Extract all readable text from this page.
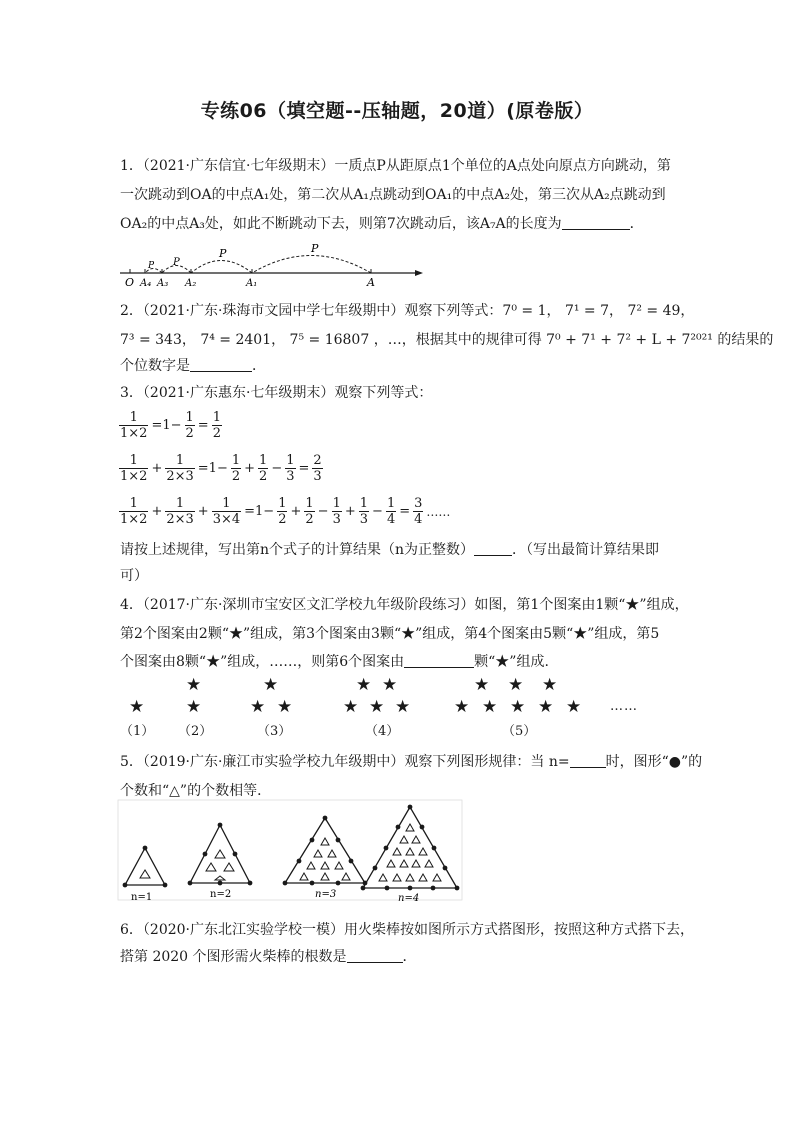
专练06（填空题--压轴题，20道）(原卷版）
1．（2021·广东信宜·七年级期末）一质点P从距原点1个单位的A点处向原点方向跳动，第
一次跳动到OA的中点A₁处，第二次从A₁点跳动到OA₁的中点A₂处，第三次从A₂点跳动到
OA₂的中点A₃处，如此不断跳动下去，则第7次跳动后，该A₇A的长度为	．
P
P
P
P
O A₄ A₃ A₂	A₁	A
2．（2021·广东·珠海市文园中学七年级期中）观察下列等式：7⁰ = 1， 7¹ = 7， 7² = 49，
7³ = 343， 7⁴ = 2401， 7⁵ = 16807 ，…，根据其中的规律可得 7⁰ + 7¹ + 7² + L + 7²⁰²¹ 的结果的
个位数字是	．
3．（2021·广东惠东·七年级期末）观察下列等式：
$\frac{1}{1\times 2} =1- \frac{1}{2} = \frac{1}{2}$
$\frac{1}{1\times 2} + \frac{1}{2\times 3} =1- \frac{1}{2} + \frac{1}{2} - \frac{1}{3} = \frac{2}{3}$
$\frac{1}{1\times 2} + \frac{1}{2\times 3} + \frac{1}{3\times 4} =1- \frac{1}{2} + \frac{1}{2} - \frac{1}{3} + \frac{1}{3} - \frac{1}{4} = \frac{3}{4}$ ……
请按上述规律，写出第n个式子的计算结果（n为正整数）	．（写出最简计算结果即
可）
4．（2017·广东·深圳市宝安区文汇学校九年级阶段练习）如图，第1个图案由1颗“★”组成，
第2个图案由2颗“★”组成，第3个图案由3颗“★”组成，第4个图案由5颗“★”组成，第5
个图案由8颗“★”组成，……，则第6个图案由	颗“★”组成.
★
★
★
★
★ ★
★ ★
★ ★ ★
★ ★ ★
★ ★ ★ ★ ★ ……
（1） （2）	（3）	（4）	（5）
5．（2019·广东·廉江市实验学校九年级期中）观察下列图形规律：当 n=	时，图形“●”的
个数和“△”的个数相等．
n=1	n=2	n=3	n=4
6．（2020·广东北江实验学校一模）用火柴棒按如图所示方式搭图形，按照这种方式搭下去，
搭第 2020 个图形需火柴棒的根数是	．
